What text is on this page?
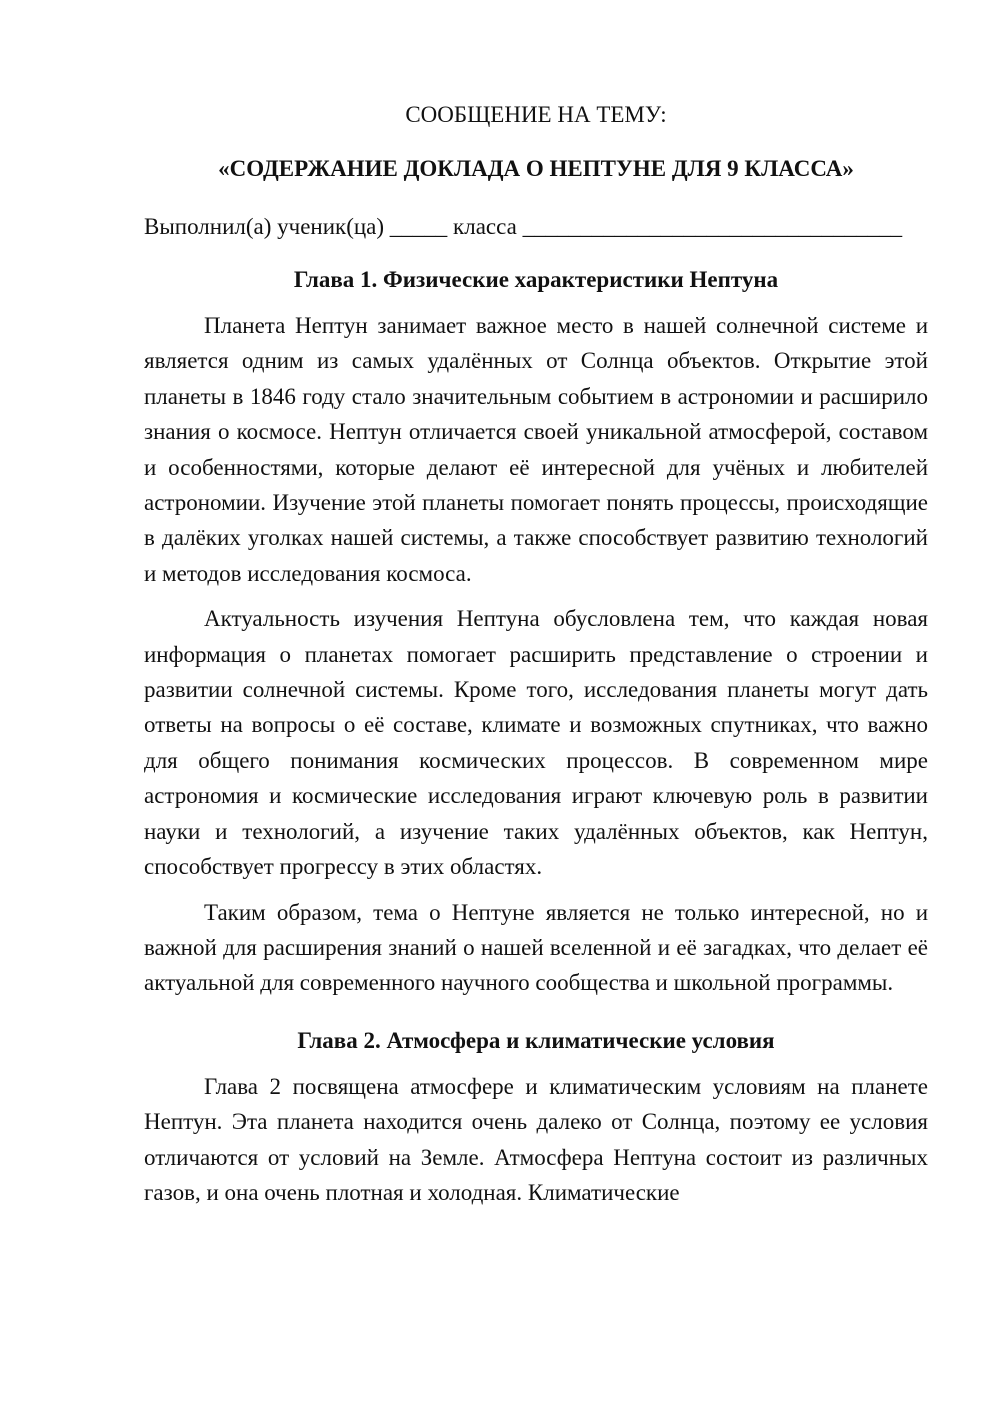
СООБЩЕНИЕ НА ТЕМУ:
«СОДЕРЖАНИЕ ДОКЛАДА О НЕПТУНЕ ДЛЯ 9 КЛАССА»
Выполнил(а) ученик(ца) _____ класса _________________________________
Глава 1. Физические характеристики Нептуна

Планета Нептун занимает важное место в нашей солнечной системе и является одним из самых удалённых от Солнца объектов. Открытие этой планеты в 1846 году стало значительным событием в астрономии и расширило знания о космосе. Нептун отличается своей уникальной атмосферой, составом и особенностями, которые делают её интересной для учёных и любителей астрономии. Изучение этой планеты помогает понять процессы, происходящие в далёких уголках нашей системы, а также способствует развитию технологий и методов исследования космоса.

Актуальность изучения Нептуна обусловлена тем, что каждая новая информация о планетах помогает расширить представление о строении и развитии солнечной системы. Кроме того, исследования планеты могут дать ответы на вопросы о её составе, климате и возможных спутниках, что важно для общего понимания космических процессов. В современном мире астрономия и космические исследования играют ключевую роль в развитии науки и технологий, а изучение таких удалённых объектов, как Нептун, способствует прогрессу в этих областях.

Таким образом, тема о Нептуне является не только интересной, но и важной для расширения знаний о нашей вселенной и её загадках, что делает её актуальной для современного научного сообщества и школьной программы.

Глава 2. Атмосфера и климатические условия

Глава 2 посвящена атмосфере и климатическим условиям на планете Нептун. Эта планета находится очень далеко от Солнца, поэтому ее условия отличаются от условий на Земле. Атмосфера Нептуна состоит из различных газов, и она очень плотная и холодная. Климатические
